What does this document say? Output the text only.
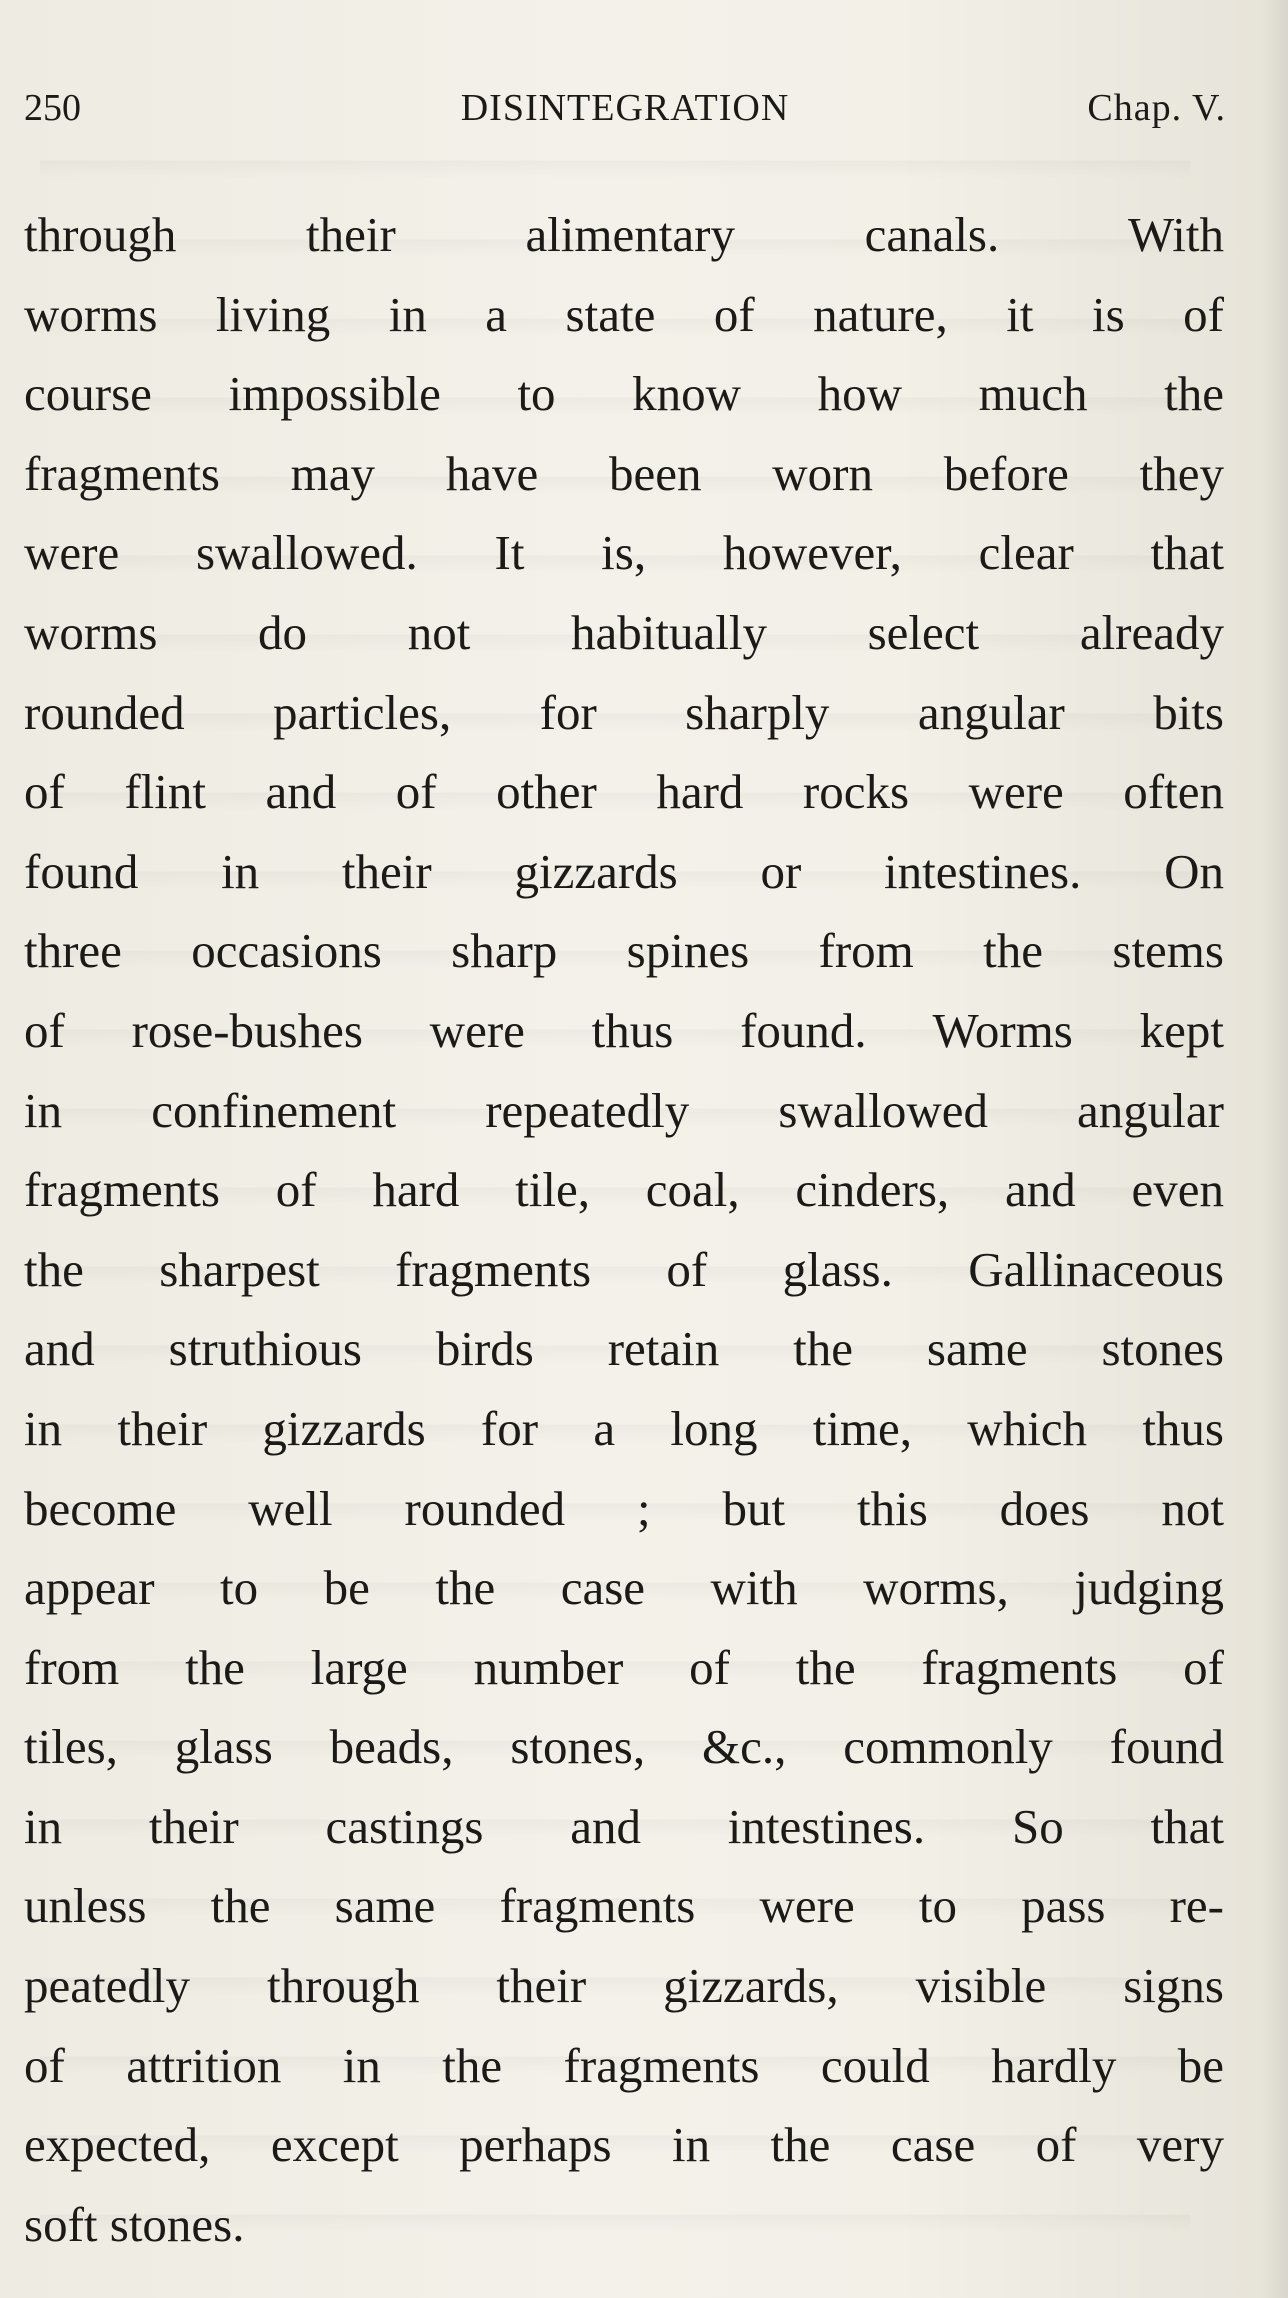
250	DISINTEGRATION	Chap. V.
through their alimentary canals. With
worms living in a state of nature, it is of
course impossible to know how much the
fragments may have been worn before they
were swallowed. It is, however, clear that
worms do not habitually select already
rounded particles, for sharply angular bits
of flint and of other hard rocks were often
found in their gizzards or intestines. On
three occasions sharp spines from the stems
of rose-bushes were thus found. Worms kept
in confinement repeatedly swallowed angular
fragments of hard tile, coal, cinders, and even
the sharpest fragments of glass. Gallinaceous
and struthious birds retain the same stones
in their gizzards for a long time, which thus
become well rounded ; but this does not
appear to be the case with worms, judging
from the large number of the fragments of
tiles, glass beads, stones, &c., commonly found
in their castings and intestines. So that
unless the same fragments were to pass re-
peatedly through their gizzards, visible signs
of attrition in the fragments could hardly be
expected, except perhaps in the case of very
soft stones.
